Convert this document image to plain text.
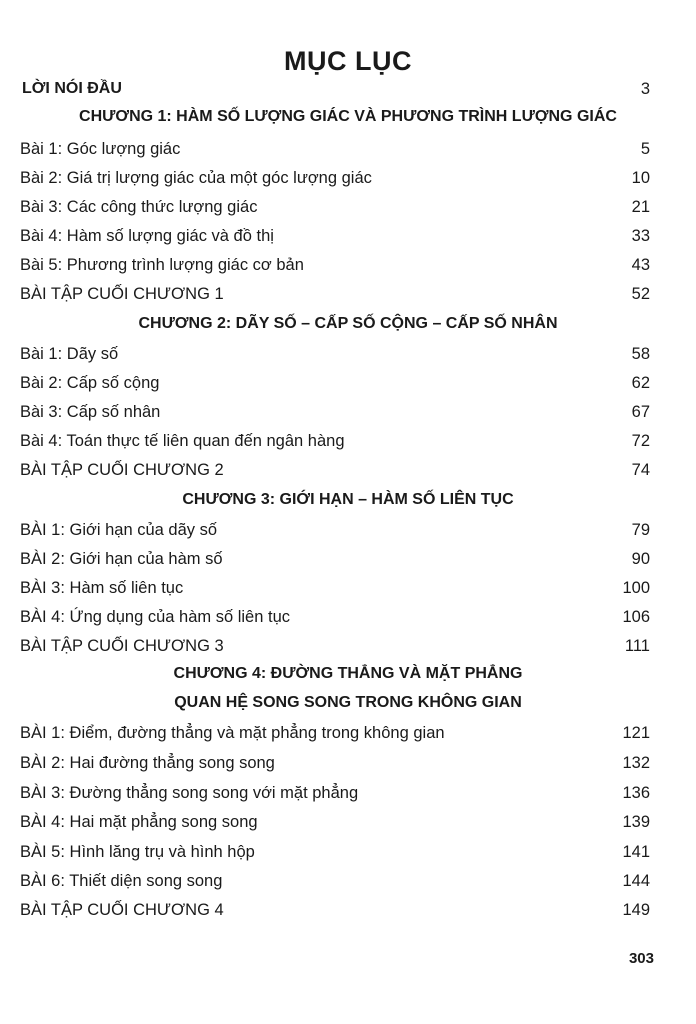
MỤC LỤC
LỜI NÓI ĐẦU	3
CHƯƠNG 1: HÀM SỐ LƯỢNG GIÁC VÀ PHƯƠNG TRÌNH LƯỢNG GIÁC
Bài 1: Góc lượng giác	5
Bài 2: Giá trị lượng giác của một góc lượng giác	10
Bài 3: Các công thức lượng giác	21
Bài 4: Hàm số lượng giác và đồ thị	33
Bài 5: Phương trình lượng giác cơ bản	43
BÀI TẬP CUỐI CHƯƠNG 1	52
CHƯƠNG 2: DÃY SỐ – CẤP SỐ CỘNG – CẤP SỐ NHÂN
Bài 1: Dãy số	58
Bài 2: Cấp số cộng	62
Bài 3: Cấp số nhân	67
Bài 4: Toán thực tế liên quan đến ngân hàng	72
BÀI TẬP CUỐI CHƯƠNG 2	74
CHƯƠNG 3: GIỚI HẠN – HÀM SỐ LIÊN TỤC
BÀI 1: Giới hạn của dãy số	79
BÀI 2: Giới hạn của hàm số	90
BÀI 3: Hàm số liên tục	100
BÀI 4: Ứng dụng của hàm số liên tục	106
BÀI TẬP CUỐI CHƯƠNG 3	111
CHƯƠNG 4: ĐƯỜNG THẲNG VÀ MẶT PHẲNG
QUAN HỆ SONG SONG TRONG KHÔNG GIAN
BÀI 1: Điểm, đường thẳng và mặt phẳng trong không gian	121
BÀI 2: Hai đường thẳng song song	132
BÀI 3: Đường thẳng song song với mặt phẳng	136
BÀI 4: Hai mặt phẳng song song	139
BÀI 5: Hình lăng trụ và hình hộp	141
BÀI 6: Thiết diện song song	144
BÀI TẬP CUỐI CHƯƠNG 4	149
303
